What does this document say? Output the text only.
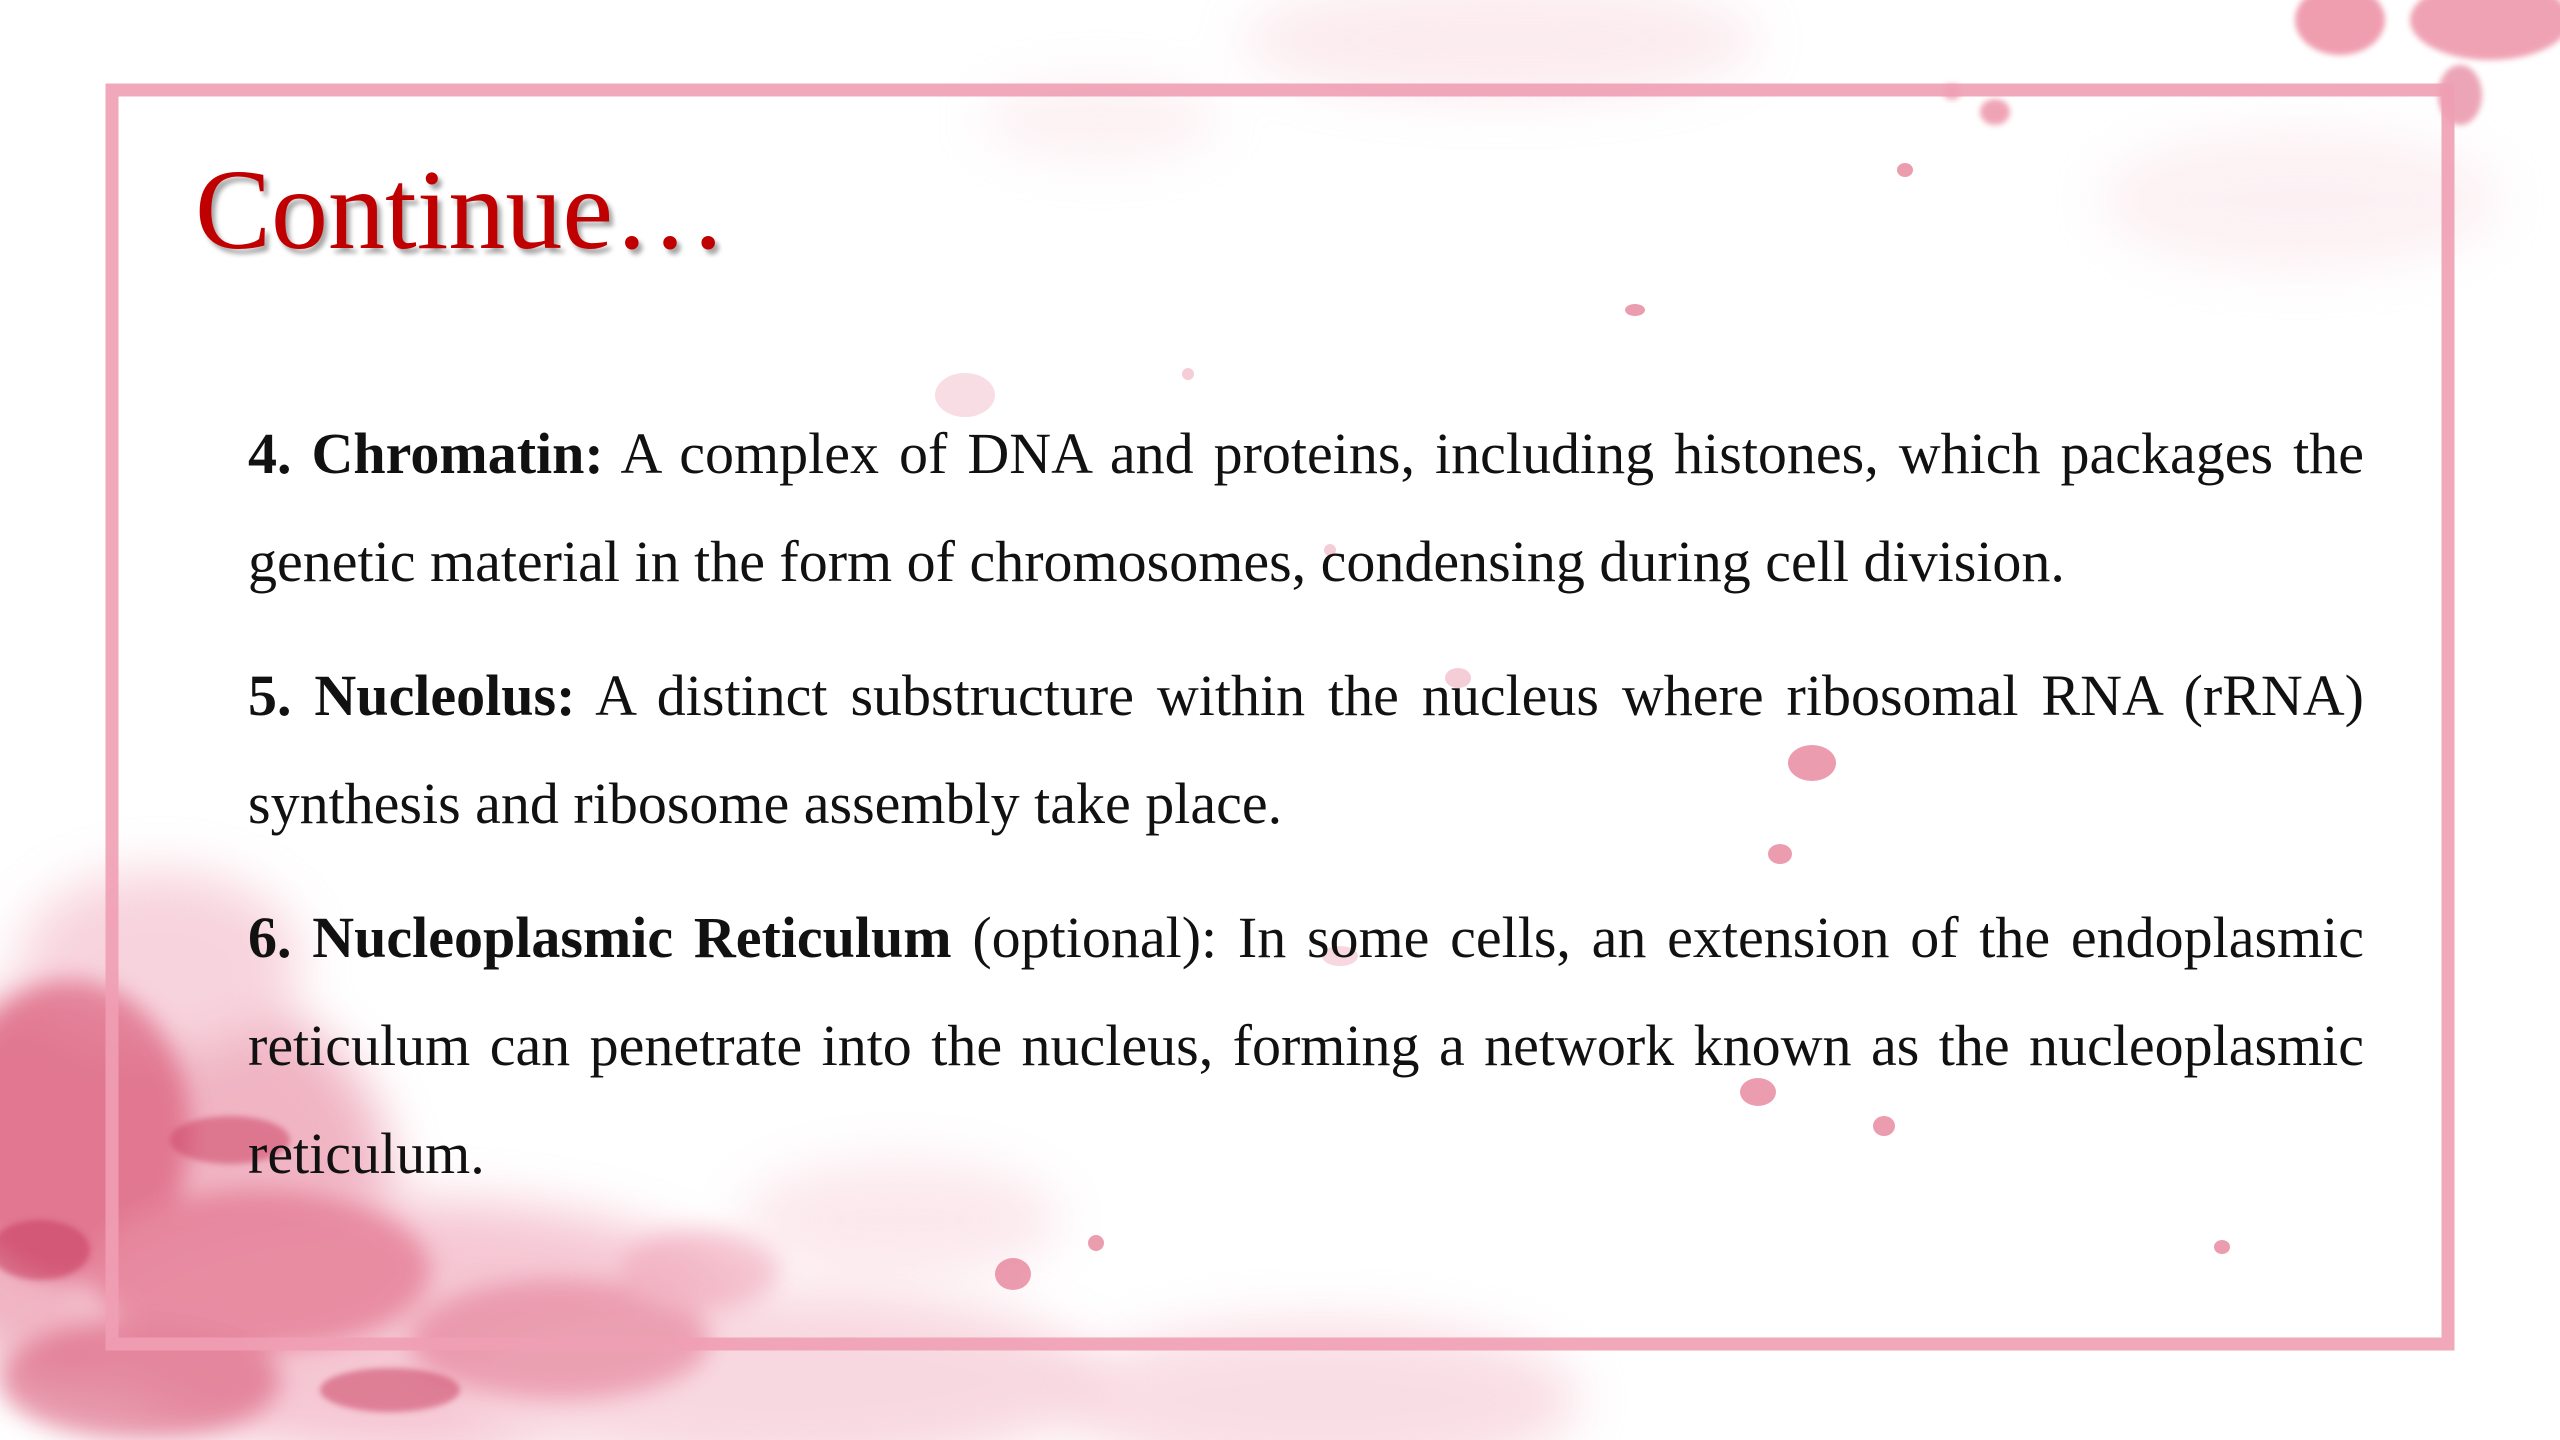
Continue…

4. Chromatin: A complex of DNA and proteins, including histones, which packages the genetic material in the form of chromosomes, condensing during cell division.

5. Nucleolus: A distinct substructure within the nucleus where ribosomal RNA (rRNA) synthesis and ribosome assembly take place.

6. Nucleoplasmic Reticulum (optional): In some cells, an extension of the endoplasmic reticulum can penetrate into the nucleus, forming a network known as the nucleoplasmic reticulum.
